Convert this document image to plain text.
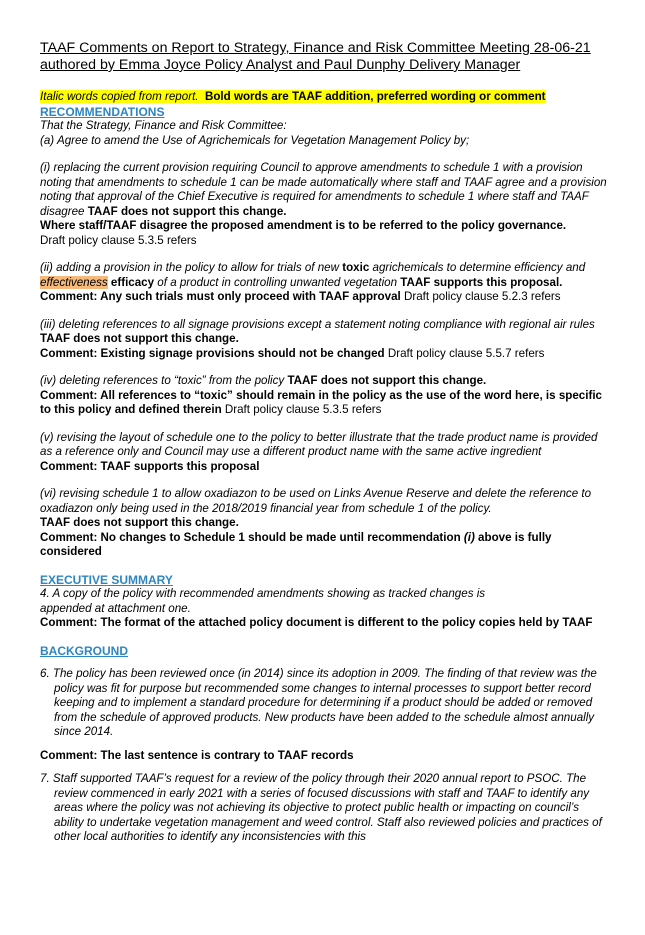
TAAF Comments on Report to Strategy, Finance and Risk Committee Meeting 28-06-21
authored by Emma Joyce Policy Analyst and Paul Dunphy Delivery Manager
Italic words copied from report. Bold words are TAAF addition, preferred wording or comment
RECOMMENDATIONS
That the Strategy, Finance and Risk Committee:
(a) Agree to amend the Use of Agrichemicals for Vegetation Management Policy by;
(i) replacing the current provision requiring Council to approve amendments to schedule 1 with a provision noting that amendments to schedule 1 can be made automatically where staff and TAAF agree and a provision noting that approval of the Chief Executive is required for amendments to schedule 1 where staff and TAAF disagree TAAF does not support this change.
Where staff/TAAF disagree the proposed amendment is to be referred to the policy governance.
Draft policy clause 5.3.5 refers
(ii) adding a provision in the policy to allow for trials of new toxic agrichemicals to determine efficiency and effectiveness efficacy of a product in controlling unwanted vegetation TAAF supports this proposal.
Comment: Any such trials must only proceed with TAAF approval Draft policy clause 5.2.3 refers
(iii) deleting references to all signage provisions except a statement noting compliance with regional air rules TAAF does not support this change.
Comment: Existing signage provisions should not be changed Draft policy clause 5.5.7 refers
(iv) deleting references to “toxic” from the policy TAAF does not support this change.
Comment: All references to “toxic” should remain in the policy as the use of the word here, is specific to this policy and defined therein Draft policy clause 5.3.5 refers
(v) revising the layout of schedule one to the policy to better illustrate that the trade product name is provided as a reference only and Council may use a different product name with the same active ingredient
Comment: TAAF supports this proposal
(vi) revising schedule 1 to allow oxadiazon to be used on Links Avenue Reserve and delete the reference to oxadiazon only being used in the 2018/2019 financial year from schedule 1 of the policy.
TAAF does not support this change.
Comment: No changes to Schedule 1 should be made until recommendation (i) above is fully considered
EXECUTIVE SUMMARY
4. A copy of the policy with recommended amendments showing as tracked changes is
appended at attachment one.
Comment: The format of the attached policy document is different to the policy copies held by TAAF
BACKGROUND
6. The policy has been reviewed once (in 2014) since its adoption in 2009. The finding of that review was the policy was fit for purpose but recommended some changes to internal processes to support better record keeping and to implement a standard procedure for determining if a product should be added or removed from the schedule of approved products. New products have been added to the schedule almost annually since 2014.
Comment: The last sentence is contrary to TAAF records
7. Staff supported TAAF’s request for a review of the policy through their 2020 annual report to PSOC. The review commenced in early 2021 with a series of focused discussions with staff and TAAF to identify any areas where the policy was not achieving its objective to protect public health or impacting on council’s ability to undertake vegetation management and weed control. Staff also reviewed policies and practices of other local authorities to identify any inconsistencies with this
